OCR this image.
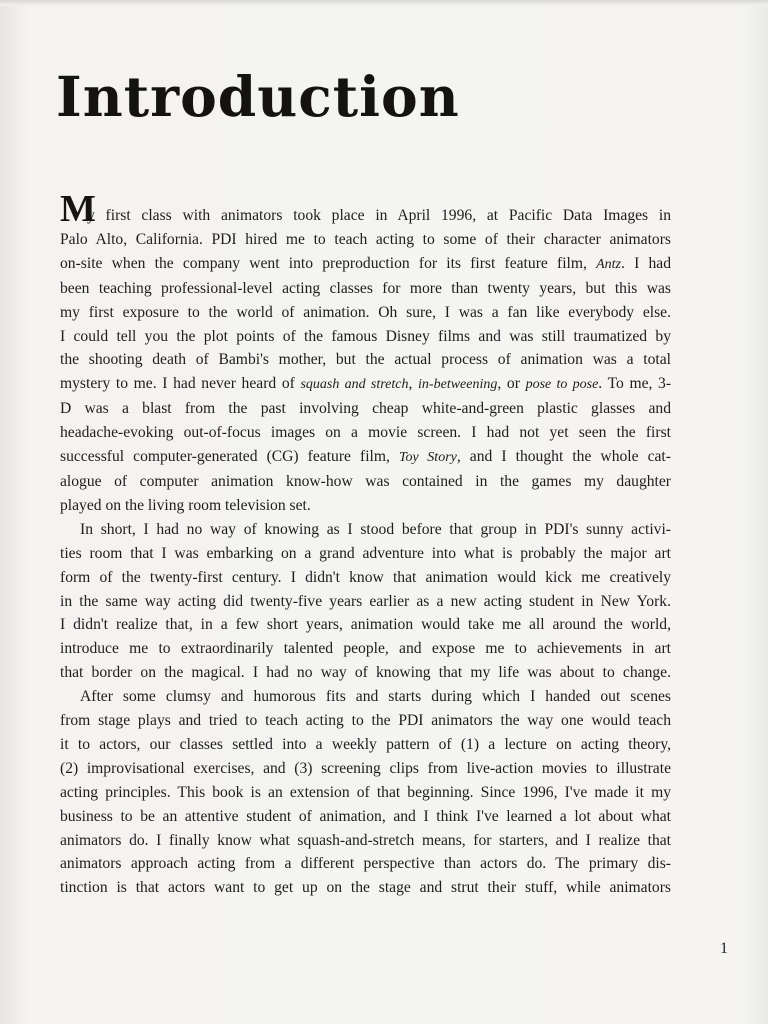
Introduction
M
y first class with animators took place in April 1996, at Pacific Data Images in
Palo Alto, California. PDI hired me to teach acting to some of their character animators
on-site when the company went into preproduction for its first feature film, Antz. I had
been teaching professional-level acting classes for more than twenty years, but this was
my first exposure to the world of animation. Oh sure, I was a fan like everybody else.
I could tell you the plot points of the famous Disney films and was still traumatized by
the shooting death of Bambi's mother, but the actual process of animation was a total
mystery to me. I had never heard of squash and stretch, in-betweening, or pose to pose. To me, 3-
D was a blast from the past involving cheap white-and-green plastic glasses and
headache-evoking out-of-focus images on a movie screen. I had not yet seen the first
successful computer-generated (CG) feature film, Toy Story, and I thought the whole cat-
alogue of computer animation know-how was contained in the games my daughter
played on the living room television set.
In short, I had no way of knowing as I stood before that group in PDI's sunny activi-
ties room that I was embarking on a grand adventure into what is probably the major art
form of the twenty-first century. I didn't know that animation would kick me creatively
in the same way acting did twenty-five years earlier as a new acting student in New York.
I didn't realize that, in a few short years, animation would take me all around the world,
introduce me to extraordinarily talented people, and expose me to achievements in art
that border on the magical. I had no way of knowing that my life was about to change.
After some clumsy and humorous fits and starts during which I handed out scenes
from stage plays and tried to teach acting to the PDI animators the way one would teach
it to actors, our classes settled into a weekly pattern of (1) a lecture on acting theory,
(2) improvisational exercises, and (3) screening clips from live-action movies to illustrate
acting principles. This book is an extension of that beginning. Since 1996, I've made it my
business to be an attentive student of animation, and I think I've learned a lot about what
animators do. I finally know what squash-and-stretch means, for starters, and I realize that
animators approach acting from a different perspective than actors do. The primary dis-
tinction is that actors want to get up on the stage and strut their stuff, while animators
1
